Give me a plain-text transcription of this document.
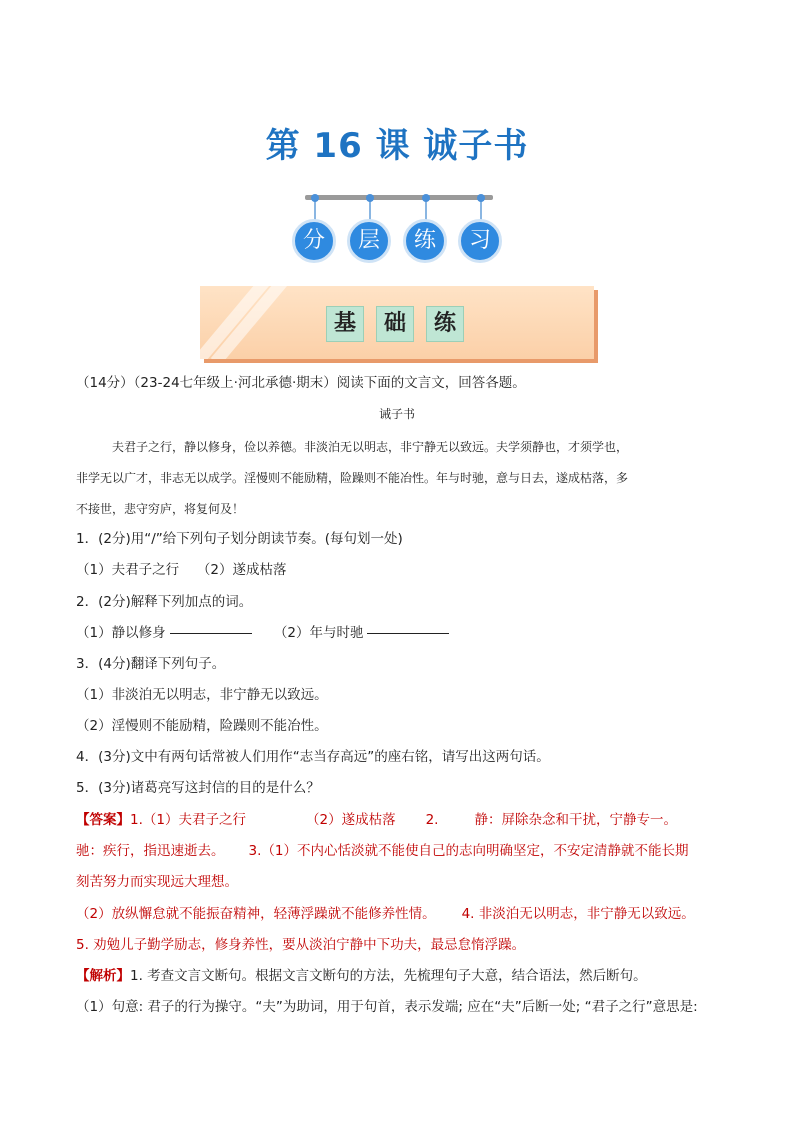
第 16 课 诚子书
分	层	练	习
基	础	练
（14分）（23-24七年级上·河北承德·期末）阅读下面的文言文，回答各题。
诫子书
夫君子之行，静以修身，俭以养德。非淡泊无以明志，非宁静无以致远。夫学须静也，才须学也，
非学无以广才，非志无以成学。淫慢则不能励精，险躁则不能冶性。年与时驰，意与日去，遂成枯落，多
不接世，悲守穷庐，将复何及！
1．(2分)用“/”给下列句子划分朗读节奏。(每句划一处)
（1）夫君子之行　 （2）遂成枯落
2．(2分)解释下列加点的词。
（1）静以修身	（2）年与时驰
3．(4分)翻译下列句子。
（1）非淡泊无以明志，非宁静无以致远。
（2）淫慢则不能励精，险躁则不能冶性。
4．(3分)文中有两句话常被人们用作“志当存高远”的座右铭，请写出这两句话。
5．(3分)诸葛亮写这封信的目的是什么？
【答案】1.（1）夫君子之行	（2）遂成枯落 2.	静：屏除杂念和干扰，宁静专一。
驰：疾行，指迅速逝去。 3.（1）不内心恬淡就不能使自己的志向明确坚定，不安定清静就不能长期
刻苦努力而实现远大理想。
（2）放纵懈怠就不能振奋精神，轻薄浮躁就不能修养性情。 4. 非淡泊无以明志，非宁静无以致远。
5. 劝勉儿子勤学励志，修身养性，要从淡泊宁静中下功夫，最忌怠惰浮躁。
【解析】1. 考查文言文断句。根据文言文断句的方法，先梳理句子大意，结合语法，然后断句。
（1）句意: 君子的行为操守。“夫”为助词，用于句首，表示发端; 应在“夫”后断一处; “君子之行”意思是:
